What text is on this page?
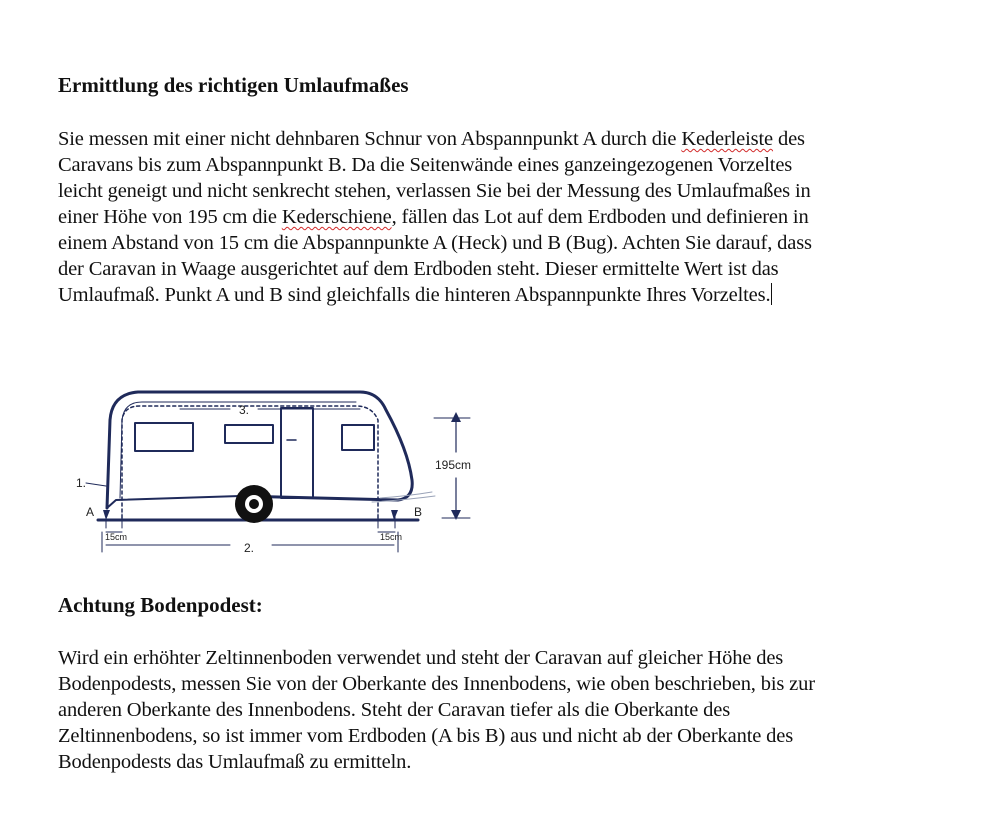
Ermittlung des richtigen Umlaufmaßes

Sie messen mit einer nicht dehnbaren Schnur von Abspannpunkt A durch die Kederleiste des
Caravans bis zum Abspannpunkt B. Da die Seitenwände eines ganzeingezogenen Vorzeltes
leicht geneigt und nicht senkrecht stehen, verlassen Sie bei der Messung des Umlaufmaßes in
einer Höhe von 195 cm die Kederschiene, fällen das Lot auf dem Erdboden und definieren in
einem Abstand von 15 cm die Abspannpunkte A (Heck) und B (Bug). Achten Sie darauf, dass
der Caravan in Waage ausgerichtet auf dem Erdboden steht. Dieser ermittelte Wert ist das
Umlaufmaß. Punkt A und B sind gleichfalls die hinteren Abspannpunkte Ihres Vorzeltes.

3.
1.
2.
A	B
195cm
15cm	15cm
Achtung Bodenpodest:

Wird ein erhöhter Zeltinnenboden verwendet und steht der Caravan auf gleicher Höhe des
Bodenpodests, messen Sie von der Oberkante des Innenbodens, wie oben beschrieben, bis zur
anderen Oberkante des Innenbodens. Steht der Caravan tiefer als die Oberkante des
Zeltinnenbodens, so ist immer vom Erdboden (A bis B) aus und nicht ab der Oberkante des
Bodenpodests das Umlaufmaß zu ermitteln.
